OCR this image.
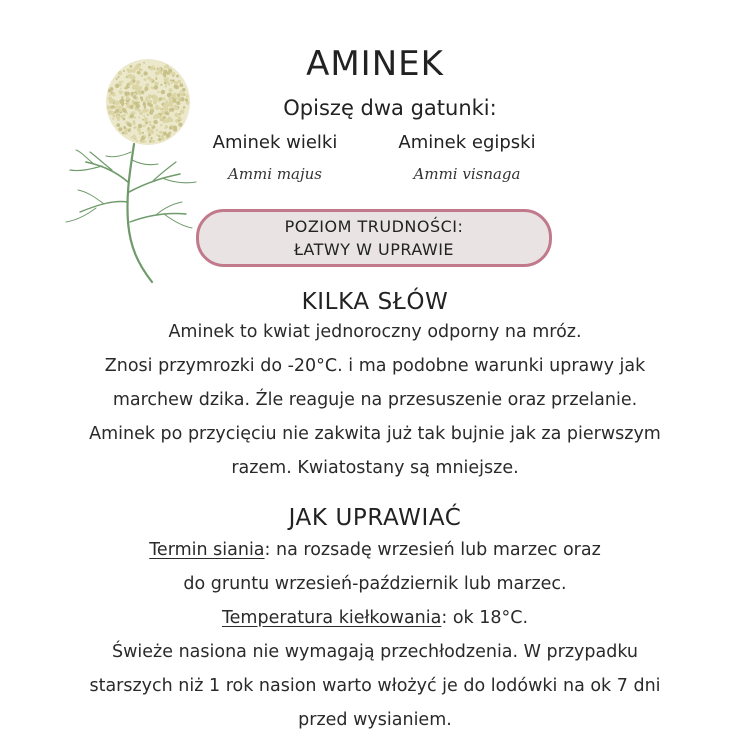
AMINEK
Opiszę dwa gatunki:
Aminek wielki
Ammi majus
Aminek egipski
Ammi visnaga
POZIOM TRUDNOŚCI:
ŁATWY W UPRAWIE
KILKA SŁÓW
Aminek to kwiat jednoroczny odporny na mróz.
Znosi przymrozki do -20°C. i ma podobne warunki uprawy jak
marchew dzika. Źle reaguje na przesuszenie oraz przelanie.
Aminek po przycięciu nie zakwita już tak bujnie jak za pierwszym
razem. Kwiatostany są mniejsze.
JAK UPRAWIAĆ
Termin siania: na rozsadę wrzesień lub marzec oraz
do gruntu wrzesień-październik lub marzec.
Temperatura kiełkowania: ok 18°C.
Świeże nasiona nie wymagają przechłodzenia. W przypadku
starszych niż 1 rok nasion warto włożyć je do lodówki na ok 7 dni
przed wysianiem.
